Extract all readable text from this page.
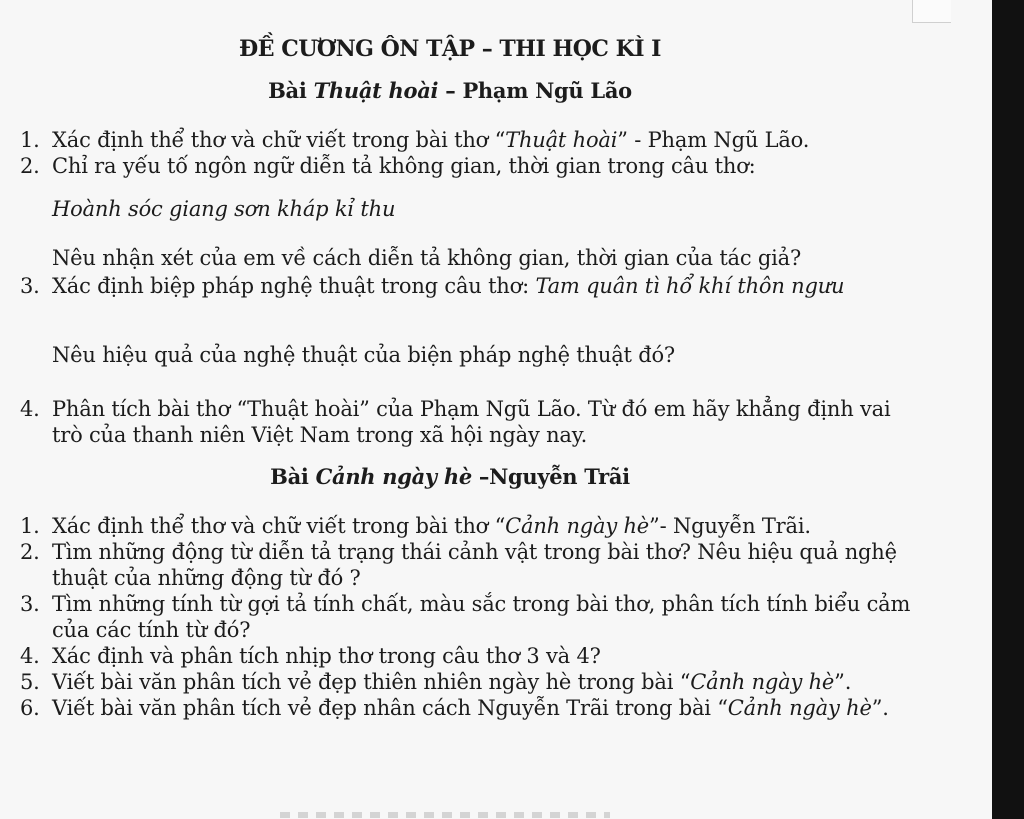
ĐỀ CƯƠNG ÔN TẬP – THI HỌC KÌ I
Bài Thuật hoài – Phạm Ngũ Lão
1. Xác định thể thơ và chữ viết trong bài thơ “Thuật hoài” - Phạm Ngũ Lão.
2. Chỉ ra yếu tố ngôn ngữ diễn tả không gian, thời gian trong câu thơ:
Hoành sóc giang sơn kháp kỉ thu
Nêu nhận xét của em về cách diễn tả không gian, thời gian của tác giả?
3. Xác định biệp pháp nghệ thuật trong câu thơ: Tam quân tì hổ khí thôn ngưu
Nêu hiệu quả của nghệ thuật của biện pháp nghệ thuật đó?
4. Phân tích bài thơ “Thuật hoài” của Phạm Ngũ Lão. Từ đó em hãy khẳng định vai trò của thanh niên Việt Nam trong xã hội ngày nay.
Bài Cảnh ngày hè –Nguyễn Trãi
1. Xác định thể thơ và chữ viết trong bài thơ “Cảnh ngày hè”- Nguyễn Trãi.
2. Tìm những động từ diễn tả trạng thái cảnh vật trong bài thơ? Nêu hiệu quả nghệ thuật của những động từ đó ?
3. Tìm những tính từ gợi tả tính chất, màu sắc trong bài thơ, phân tích tính biểu cảm của các tính từ đó?
4. Xác định và phân tích nhịp thơ trong câu thơ 3 và 4?
5. Viết bài văn phân tích vẻ đẹp thiên nhiên ngày hè trong bài “Cảnh ngày hè”.
6. Viết bài văn phân tích vẻ đẹp nhân cách Nguyễn Trãi trong bài “Cảnh ngày hè”.
